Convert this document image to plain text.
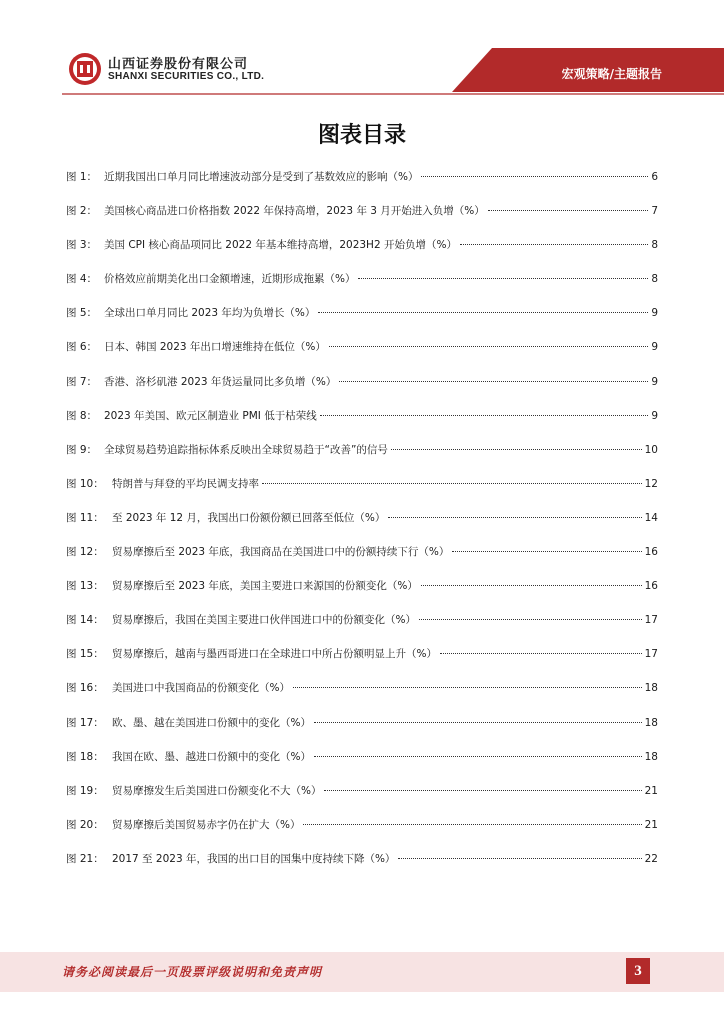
山西证券股份有限公司
SHANXI SECURITIES CO., LTD.	宏观策略/主题报告
图表目录
图 1： 近期我国出口单月同比增速波动部分是受到了基数效应的影响（%）	6
图 2： 美国核心商品进口价格指数 2022 年保持高增，2023 年 3 月开始进入负增（%）	7
图 3： 美国 CPI 核心商品项同比 2022 年基本维持高增，2023H2 开始负增（%）	8
图 4： 价格效应前期美化出口金额增速，近期形成拖累（%）	8
图 5： 全球出口单月同比 2023 年均为负增长（%）	9
图 6： 日本、韩国 2023 年出口增速维持在低位（%）	9
图 7： 香港、洛杉矶港 2023 年货运量同比多负增（%）	9
图 8： 2023 年美国、欧元区制造业 PMI 低于枯荣线	9
图 9： 全球贸易趋势追踪指标体系反映出全球贸易趋于“改善”的信号	10
图 10： 特朗普与拜登的平均民调支持率	12
图 11： 至 2023 年 12 月，我国出口份额份额已回落至低位（%）	14
图 12： 贸易摩擦后至 2023 年底，我国商品在美国进口中的份额持续下行（%）	16
图 13： 贸易摩擦后至 2023 年底，美国主要进口来源国的份额变化（%）	16
图 14： 贸易摩擦后，我国在美国主要进口伙伴国进口中的份额变化（%）	17
图 15： 贸易摩擦后，越南与墨西哥进口在全球进口中所占份额明显上升（%）	17
图 16： 美国进口中我国商品的份额变化（%）	18
图 17： 欧、墨、越在美国进口份额中的变化（%）	18
图 18： 我国在欧、墨、越进口份额中的变化（%）	18
图 19： 贸易摩擦发生后美国进口份额变化不大（%）	21
图 20： 贸易摩擦后美国贸易赤字仍在扩大（%）	21
图 21： 2017 至 2023 年，我国的出口目的国集中度持续下降（%）	22
请务必阅读最后一页股票评级说明和免责声明	3
